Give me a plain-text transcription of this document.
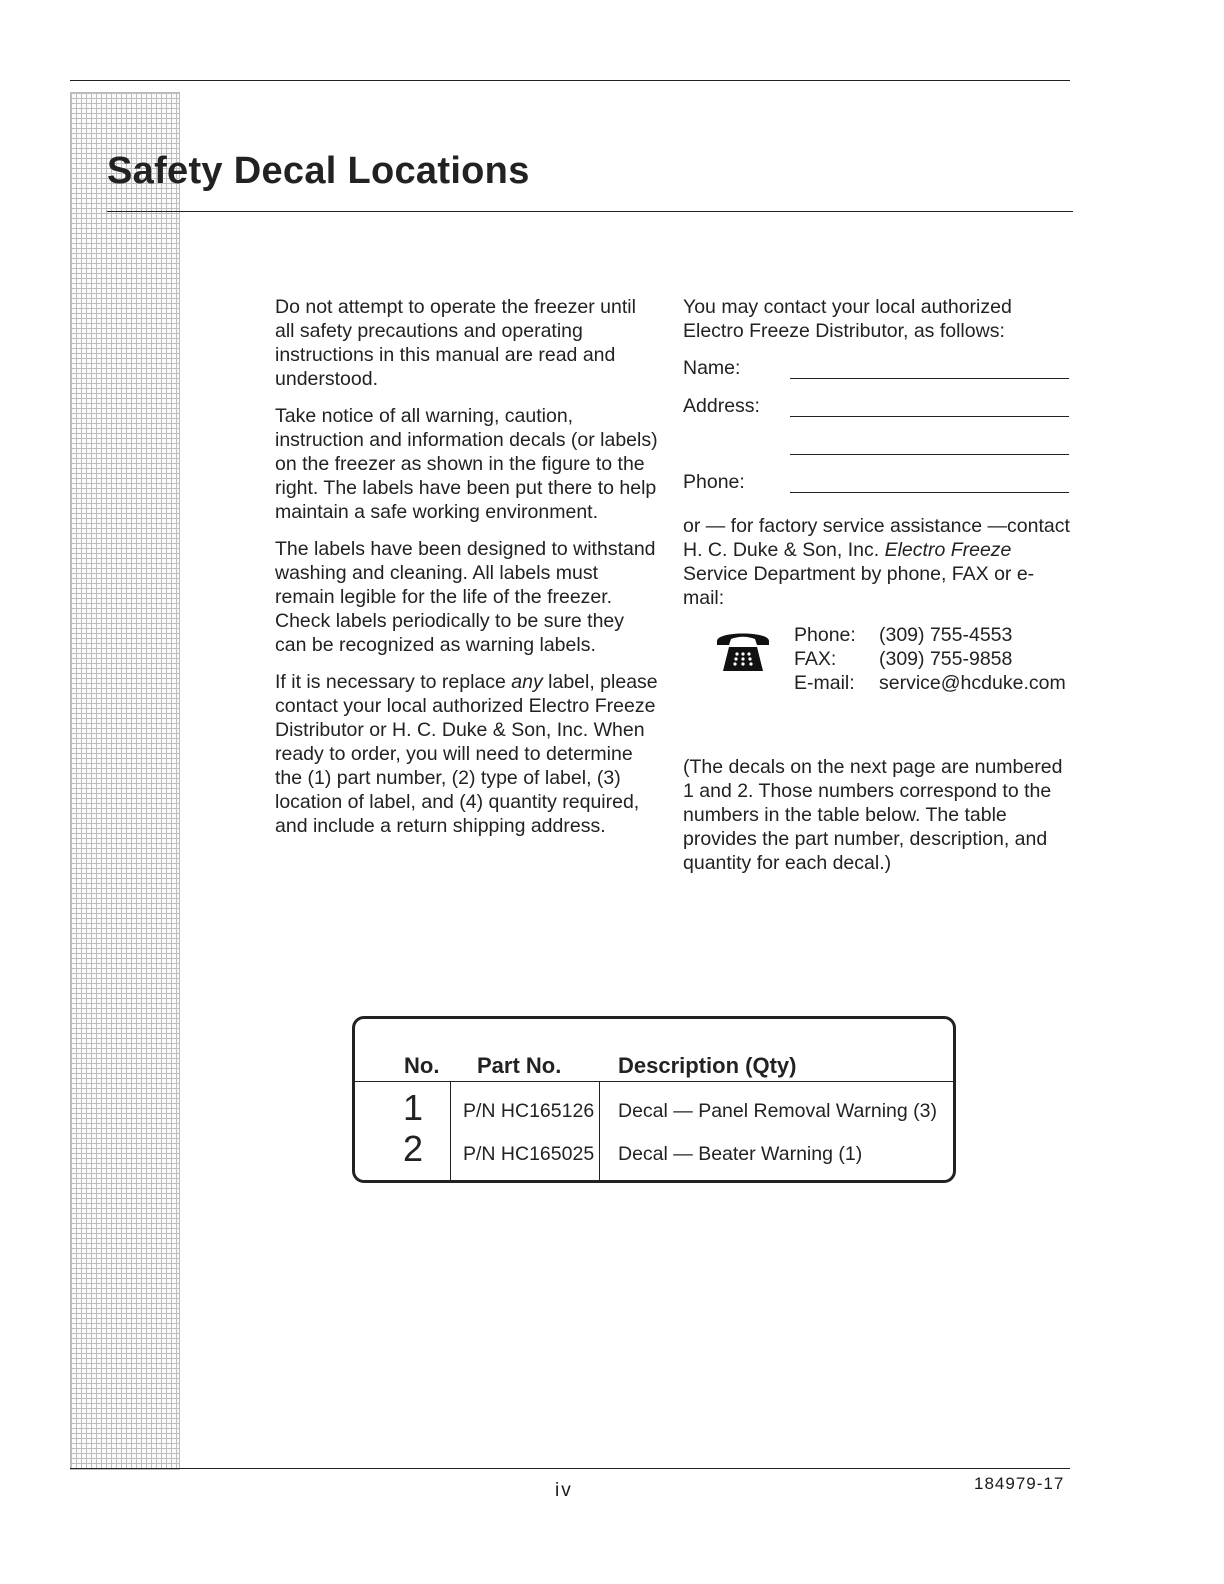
Safety Decal Locations

Do not attempt to operate the freezer until all safety precautions and operating instructions in this manual are read and understood.

Take notice of all warning, caution, instruction and information decals (or labels) on the freezer as shown in the figure to the right. The labels have been put there to help maintain a safe working environment.

The labels have been designed to withstand washing and cleaning. All labels must remain legible for the life of the freezer. Check labels periodically to be sure they can be recognized as warning labels.

If it is necessary to replace any label, please contact your local authorized Electro Freeze Distributor or H. C. Duke & Son, Inc. When ready to order, you will need to determine the (1) part number, (2) type of label, (3) location of label, and (4) quantity required, and include a return shipping address.

You may contact your local authorized Electro Freeze Distributor, as follows:

Name:
Address:
Phone:

or — for factory service assistance —contact H. C. Duke & Son, Inc. Electro Freeze Service Department by phone, FAX or e-mail:

Phone:	(309) 755-4553
FAX:	(309) 755-9858
E-mail:	service@hcduke.com

(The decals on the next page are numbered 1 and 2. Those numbers correspond to the numbers in the table below. The table provides the part number, description, and quantity for each decal.)

No. Part No.	Description (Qty)
1 P/N HC165126 Decal — Panel Removal Warning (3)
2 P/N HC165025 Decal — Beater Warning (1)
iv	184979-17
